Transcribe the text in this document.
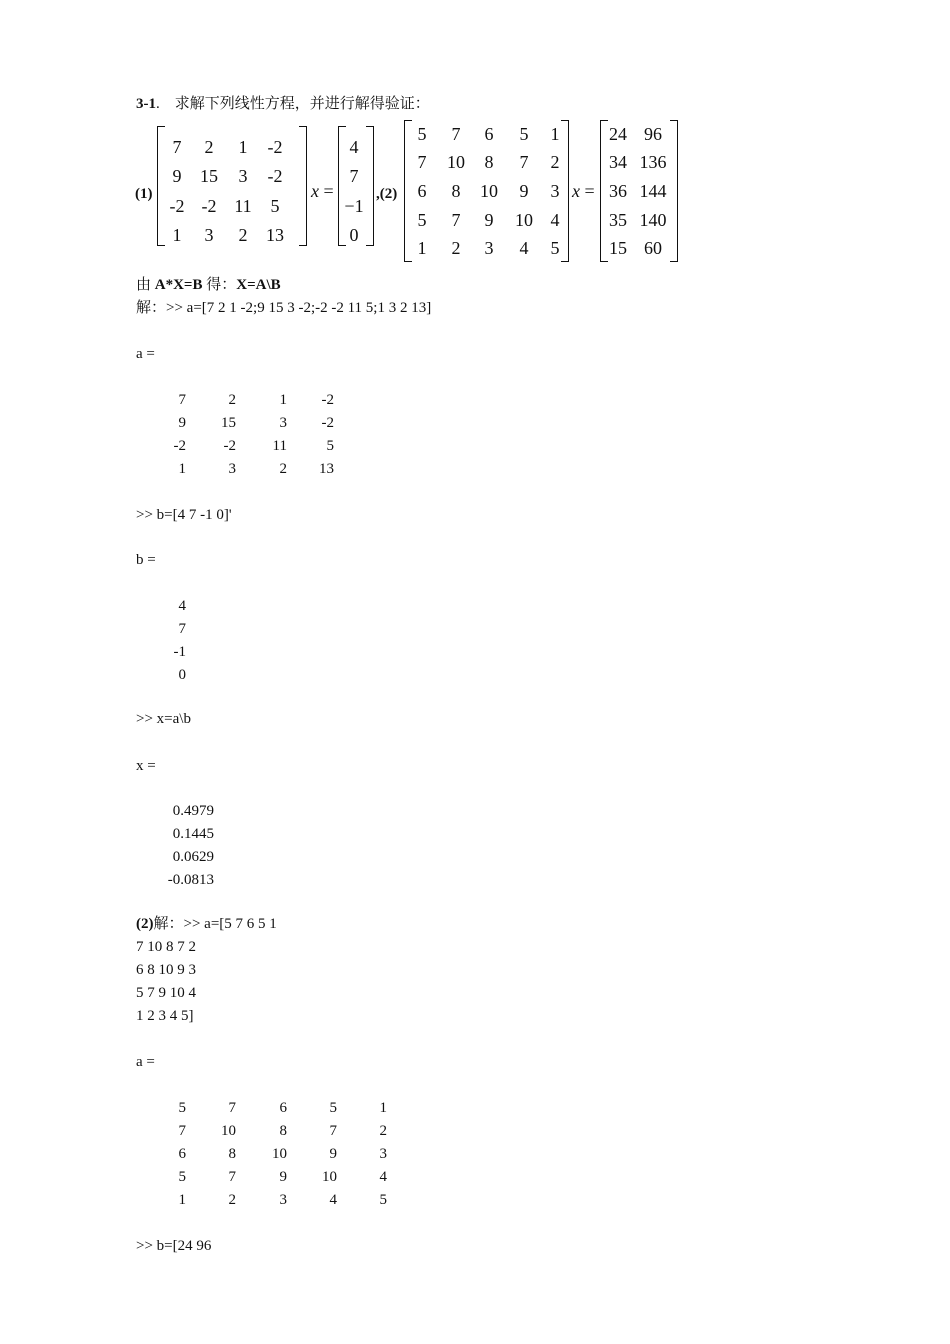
3-1. 求解下列线性方程，并进行解得验证：
(1)
7	2	1	-2
9	15	3	-2
-2 -2 11	5
1	3	2	13
x =
4
7
−1
0
,(2)
5	7	6	5	1
7	10	8	7	2
6	8	10	9	3
5	7	9	10 4
1	2	3	4	5
x =
24 96
34 136
36 144
35 140
15 60
由 A*X=B 得：X=A\B
解：>> a=[7 2 1 -2;9 15 3 -2;-2 -2 11 5;1 3 2 13]
a =
7	2	1	-2
9	15	3	-2
-2	-2	11	5
1	3	2	13
>> b=[4 7 -1 0]'
b =
4
7
-1
0
>> x=a\b
x =
0.4979
0.1445
0.0629
-0.0813
(2)解：>> a=[5 7 6 5 1
7 10 8 7 2
6 8 10 9 3
5 7 9 10 4
1 2 3 4 5]
a =
5	7	6	5	1
7	10	8	7	2
6	8	10	9	3
5	7	9	10	4
1	2	3	4	5
>> b=[24 96
